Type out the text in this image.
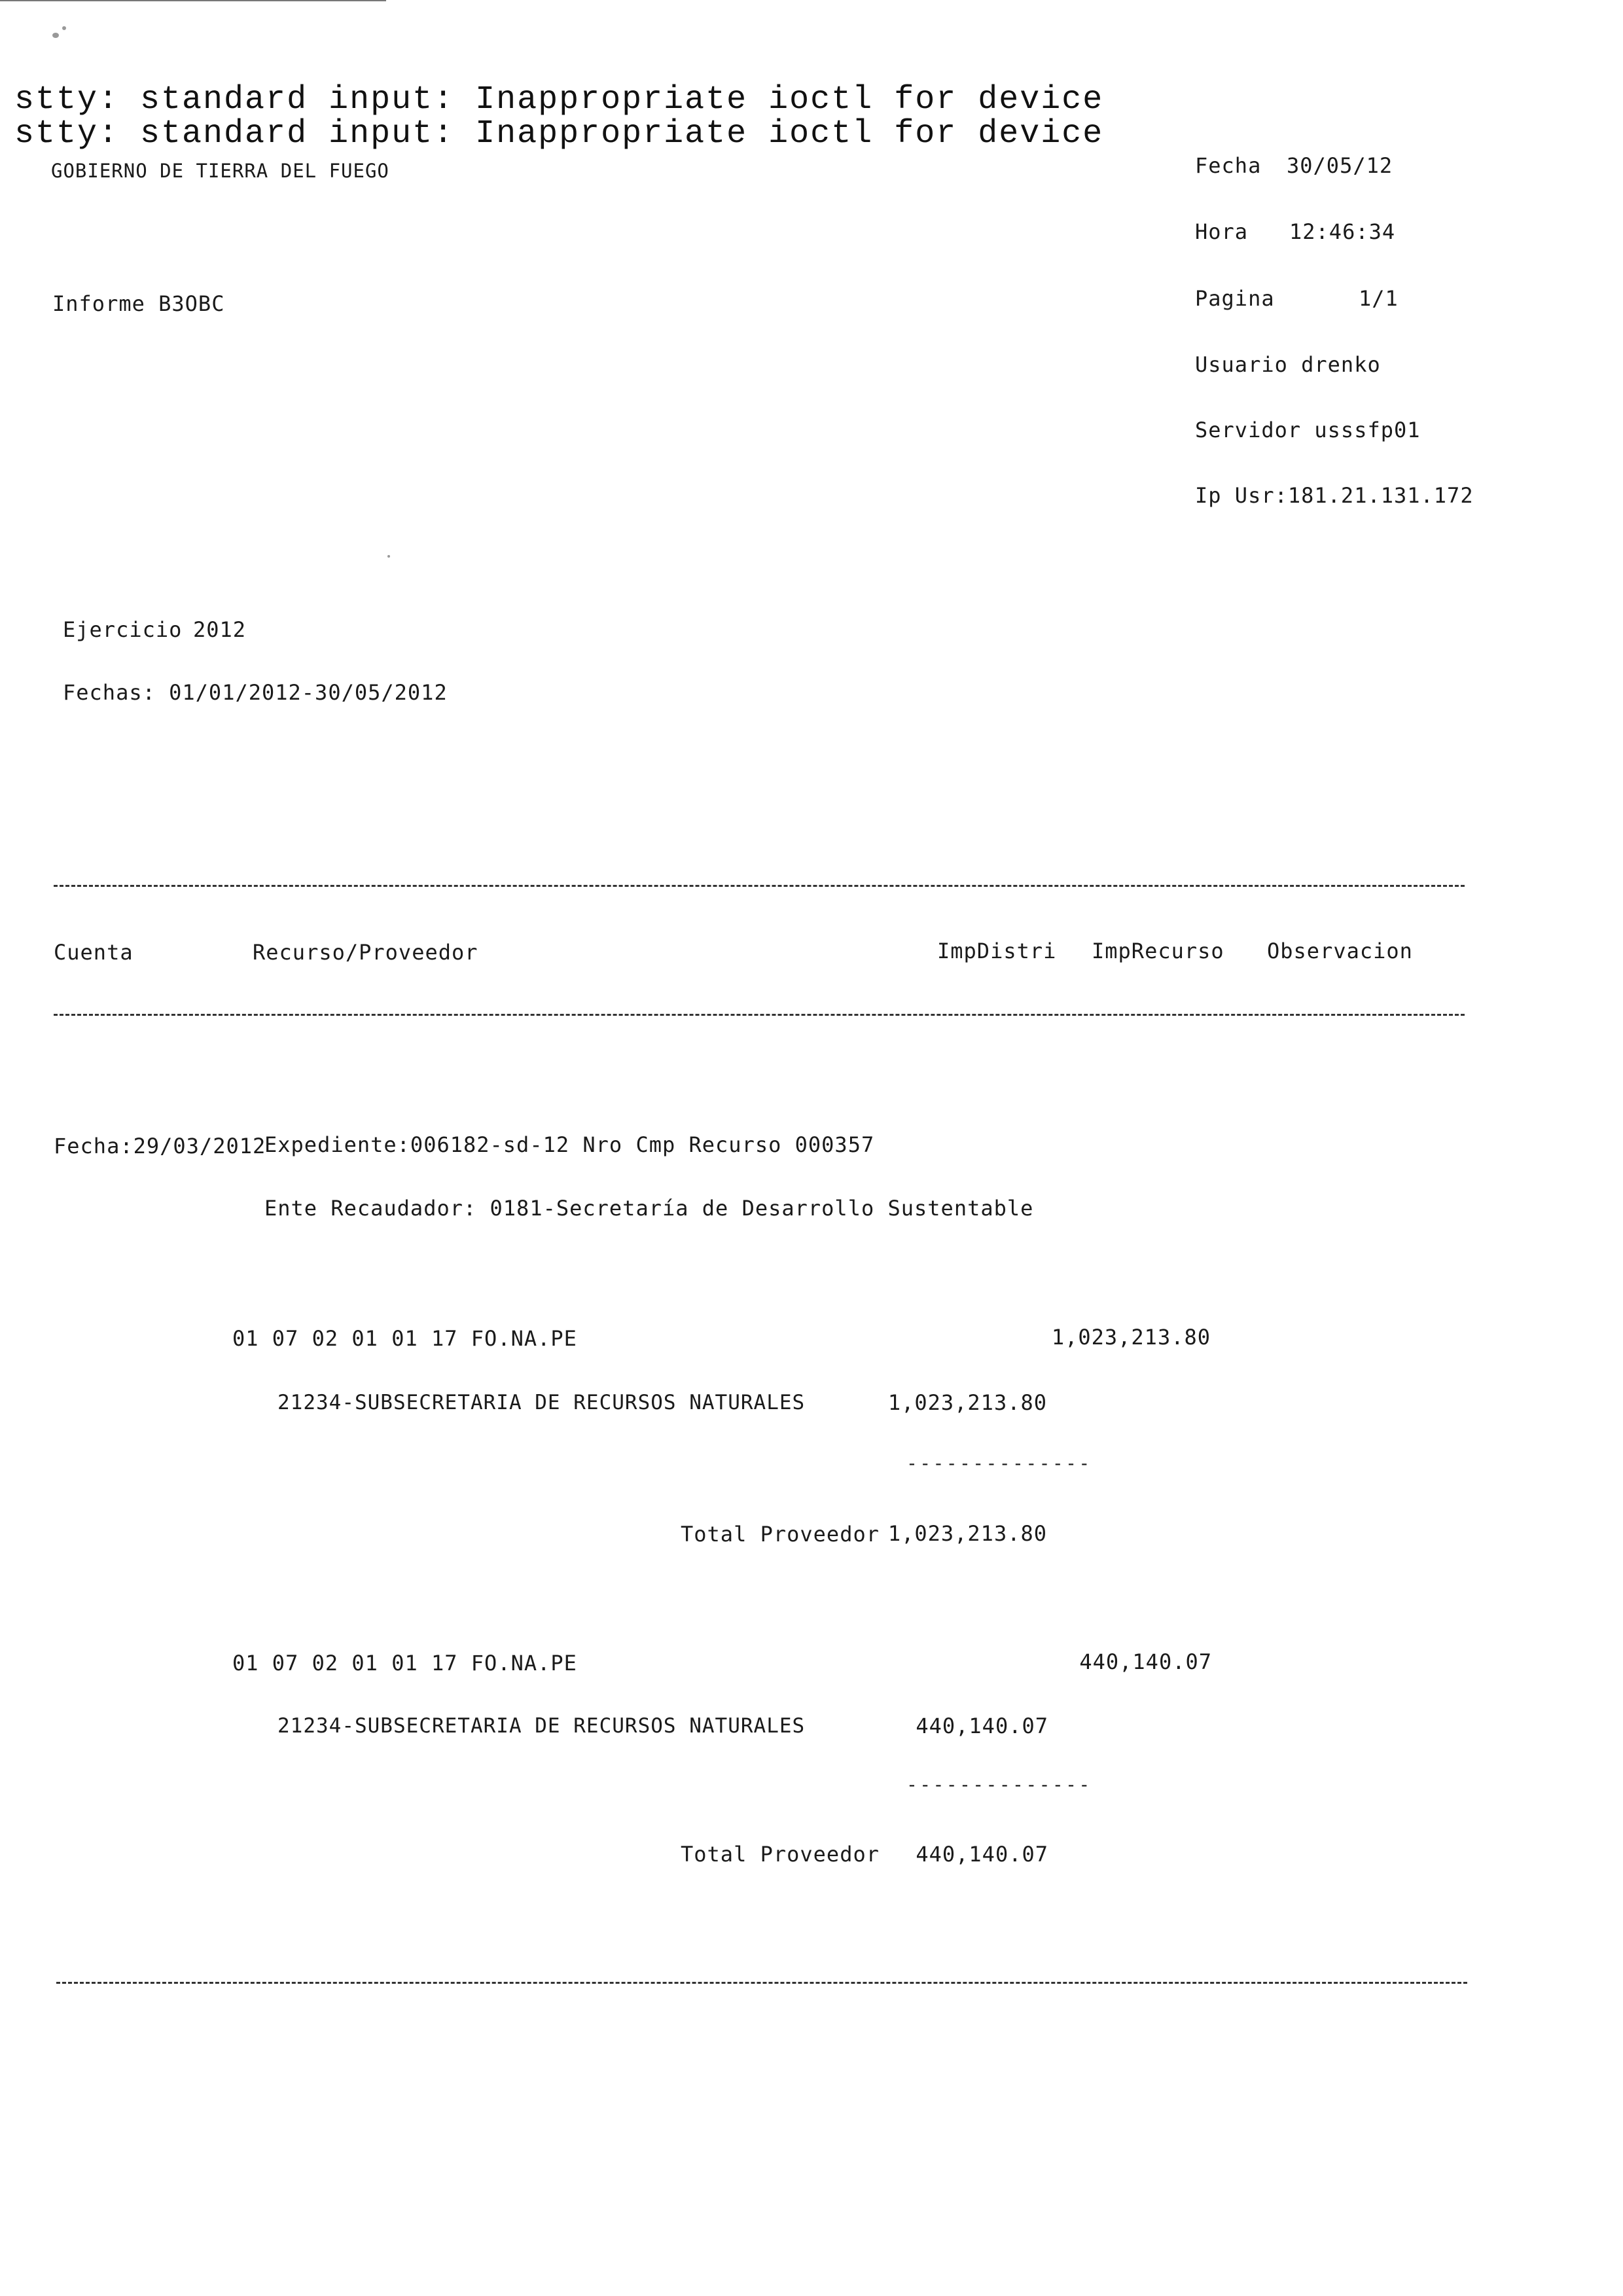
stty: standard input: Inappropriate ioctl for device
stty: standard input: Inappropriate ioctl for device
GOBIERNO DE TIERRA DEL FUEGO
Informe B3OBC
Fecha 30/05/12
Hora 12:46:34
Pagina	1/1
Usuario drenko
Servidor usssfp01
Ip Usr:181.21.131.172
Ejercicio 2012
Fechas: 01/01/2012-30/05/2012
Cuenta	Recurso/Proveedor	ImpDistri ImpRecurso Observacion
Fecha:29/03/2012
Expediente:006182-sd-12 Nro Cmp Recurso 000357
Ente Recaudador: 0181-Secretaría de Desarrollo Sustentable
01 07 02 01 01 17 FO.NA.PE	1,023,213.80
21234-SUBSECRETARIA DE RECURSOS NATURALES	1,023,213.80
--------------
Total Proveedor 1,023,213.80
01 07 02 01 01 17 FO.NA.PE	440,140.07
21234-SUBSECRETARIA DE RECURSOS NATURALES	440,140.07
--------------
Total Proveedor	440,140.07
